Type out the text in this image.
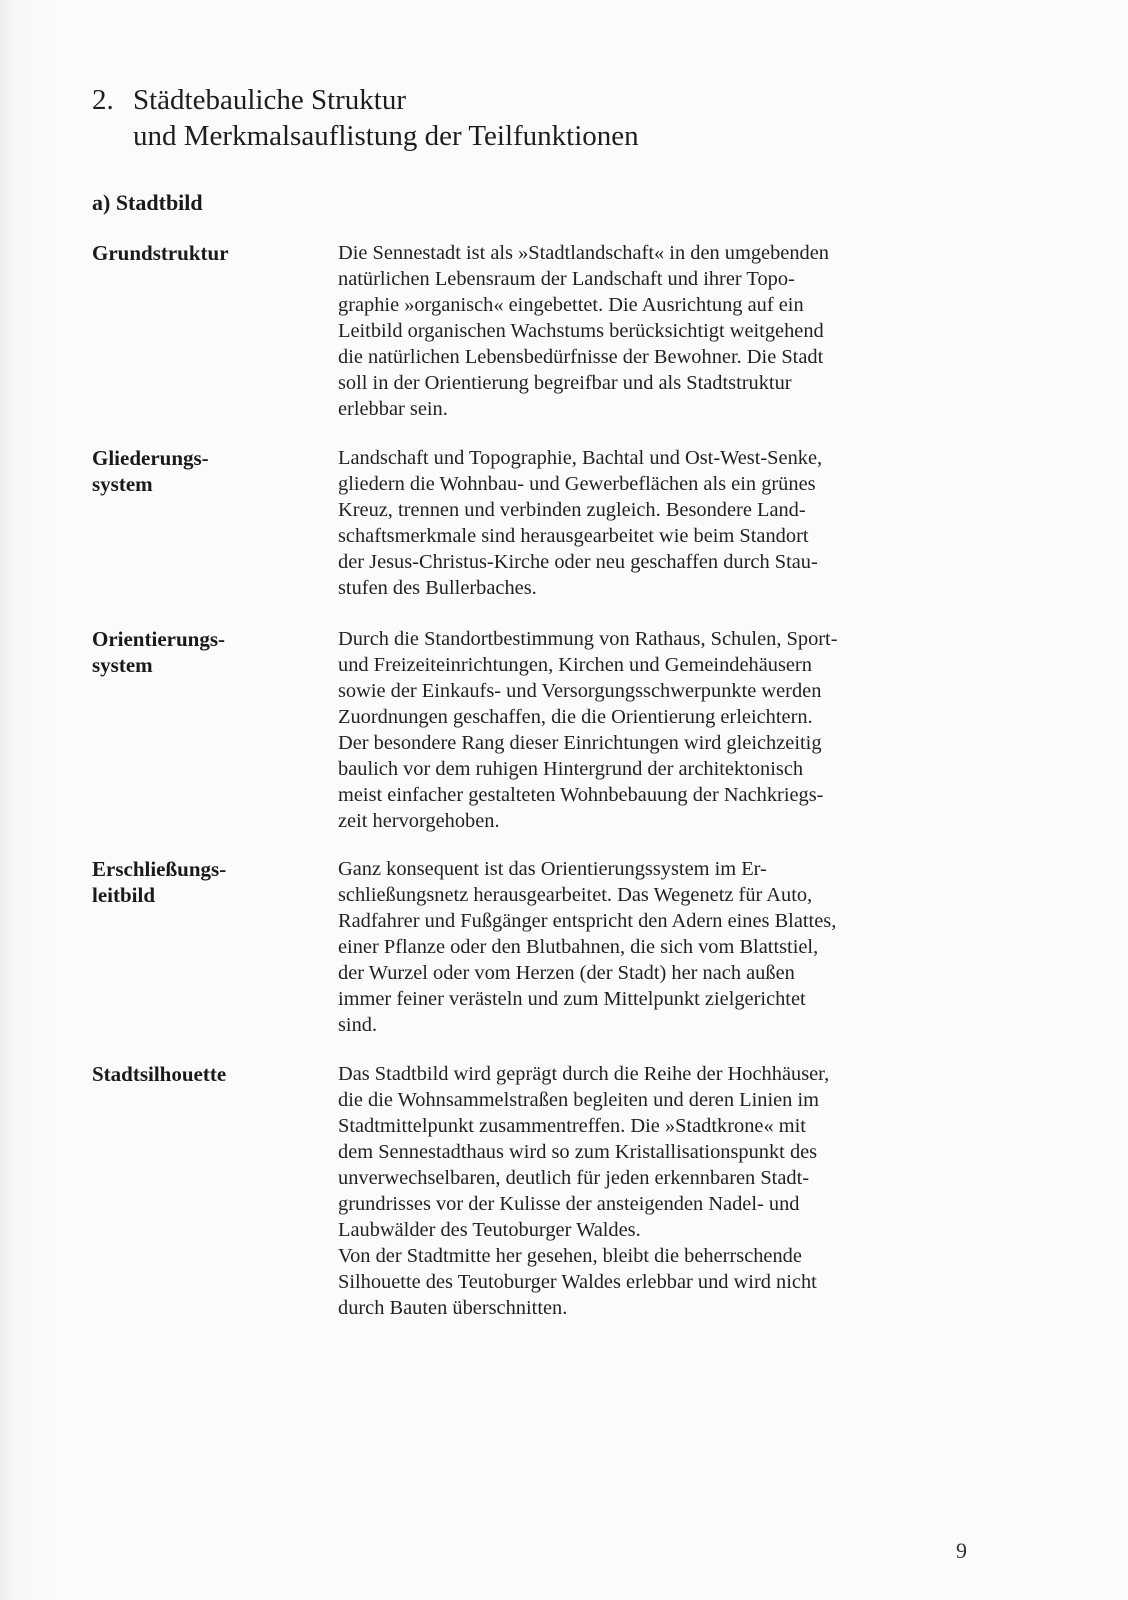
2. Städtebauliche Struktur
und Merkmalsauflistung der Teilfunktionen
a) Stadtbild
Grundstruktur	Die Sennestadt ist als »Stadtlandschaft« in den umgebenden
natürlichen Lebensraum der Landschaft und ihrer Topo-
graphie »organisch« eingebettet. Die Ausrichtung auf ein
Leitbild organischen Wachstums berücksichtigt weitgehend
die natürlichen Lebensbedürfnisse der Bewohner. Die Stadt
soll in der Orientierung begreifbar und als Stadtstruktur
erlebbar sein.
Gliederungs-
system
Landschaft und Topographie, Bachtal und Ost-West-Senke,
gliedern die Wohnbau- und Gewerbeflächen als ein grünes
Kreuz, trennen und verbinden zugleich. Besondere Land-
schaftsmerkmale sind herausgearbeitet wie beim Standort
der Jesus-Christus-Kirche oder neu geschaffen durch Stau-
stufen des Bullerbaches.
Orientierungs-
system
Durch die Standortbestimmung von Rathaus, Schulen, Sport-
und Freizeiteinrichtungen, Kirchen und Gemeindehäusern
sowie der Einkaufs- und Versorgungsschwerpunkte werden
Zuordnungen geschaffen, die die Orientierung erleichtern.
Der besondere Rang dieser Einrichtungen wird gleichzeitig
baulich vor dem ruhigen Hintergrund der architektonisch
meist einfacher gestalteten Wohnbebauung der Nachkriegs-
zeit hervorgehoben.
Erschließungs-
leitbild
Ganz konsequent ist das Orientierungssystem im Er-
schließungsnetz herausgearbeitet. Das Wegenetz für Auto,
Radfahrer und Fußgänger entspricht den Adern eines Blattes,
einer Pflanze oder den Blutbahnen, die sich vom Blattstiel,
der Wurzel oder vom Herzen (der Stadt) her nach außen
immer feiner verästeln und zum Mittelpunkt zielgerichtet
sind.
Stadtsilhouette	Das Stadtbild wird geprägt durch die Reihe der Hochhäuser,
die die Wohnsammelstraßen begleiten und deren Linien im
Stadtmittelpunkt zusammentreffen. Die »Stadtkrone« mit
dem Sennestadthaus wird so zum Kristallisationspunkt des
unverwechselbaren, deutlich für jeden erkennbaren Stadt-
grundrisses vor der Kulisse der ansteigenden Nadel- und
Laubwälder des Teutoburger Waldes.
Von der Stadtmitte her gesehen, bleibt die beherrschende
Silhouette des Teutoburger Waldes erlebbar und wird nicht
durch Bauten überschnitten.
9
